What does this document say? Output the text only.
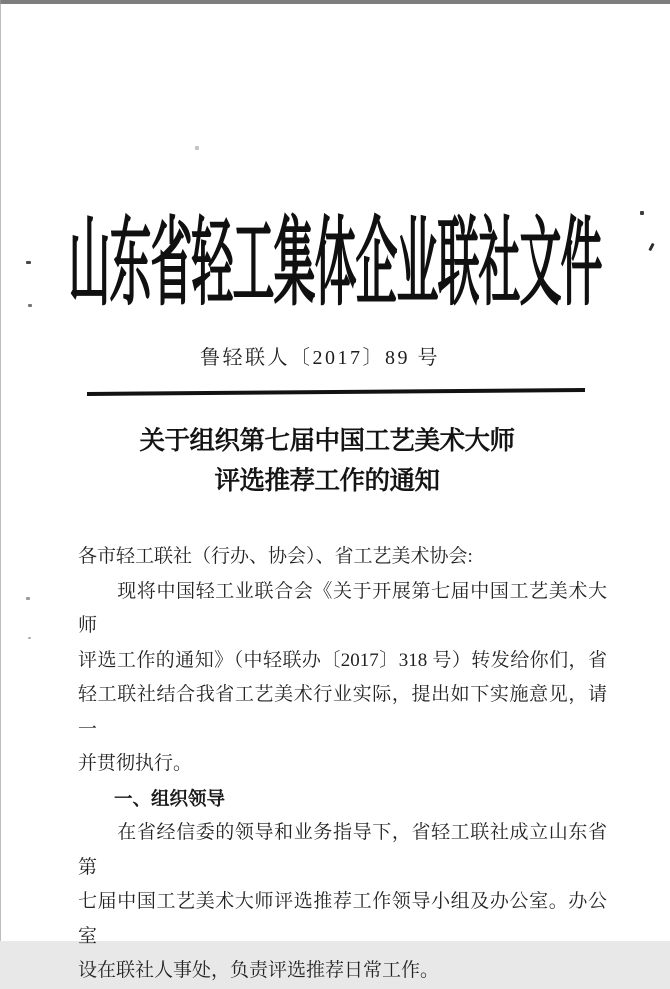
山东省轻工集体企业联社文件
鲁轻联人〔2017〕89 号
关于组织第七届中国工艺美术大师
评选推荐工作的通知
各市轻工联社（行办、协会）、省工艺美术协会:
　　现将中国轻工业联合会《关于开展第七届中国工艺美术大师
评选工作的通知》（中轻联办〔2017〕318 号）转发给你们，省
轻工联社结合我省工艺美术行业实际，提出如下实施意见，请一
并贯彻执行。
一、组织领导
　　在省经信委的领导和业务指导下，省轻工联社成立山东省第
七届中国工艺美术大师评选推荐工作领导小组及办公室。办公室
设在联社人事处，负责评选推荐日常工作。
